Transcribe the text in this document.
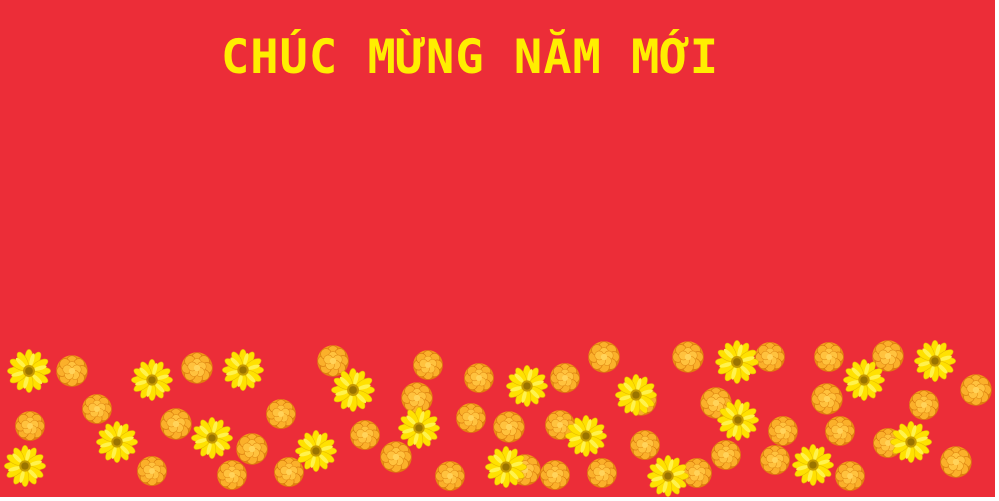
CHÚC MỪNG NĂM MỚI
